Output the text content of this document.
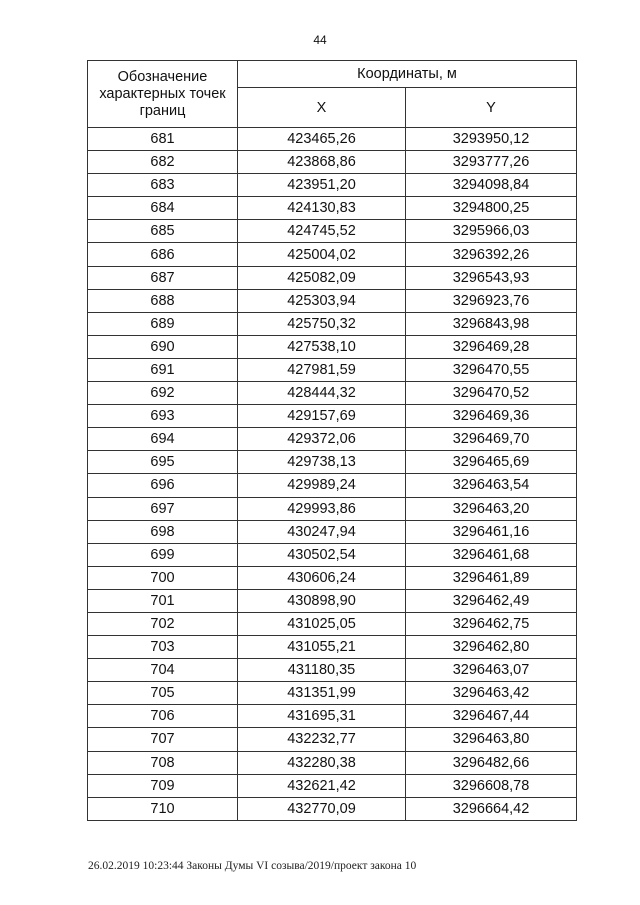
44
Обозначение характерных точек границ	Координаты, м	
	X	Y
681	423465,26	3293950,12
682	423868,86	3293777,26
683	423951,20	3294098,84
684	424130,83	3294800,25
685	424745,52	3295966,03
686	425004,02	3296392,26
687	425082,09	3296543,93
688	425303,94	3296923,76
689	425750,32	3296843,98
690	427538,10	3296469,28
691	427981,59	3296470,55
692	428444,32	3296470,52
693	429157,69	3296469,36
694	429372,06	3296469,70
695	429738,13	3296465,69
696	429989,24	3296463,54
697	429993,86	3296463,20
698	430247,94	3296461,16
699	430502,54	3296461,68
700	430606,24	3296461,89
701	430898,90	3296462,49
702	431025,05	3296462,75
703	431055,21	3296462,80
704	431180,35	3296463,07
705	431351,99	3296463,42
706	431695,31	3296467,44
707	432232,77	3296463,80
708	432280,38	3296482,66
709	432621,42	3296608,78
710	432770,09	3296664,42
26.02.2019 10:23:44 Законы Думы VI созыва/2019/проект закона 10
